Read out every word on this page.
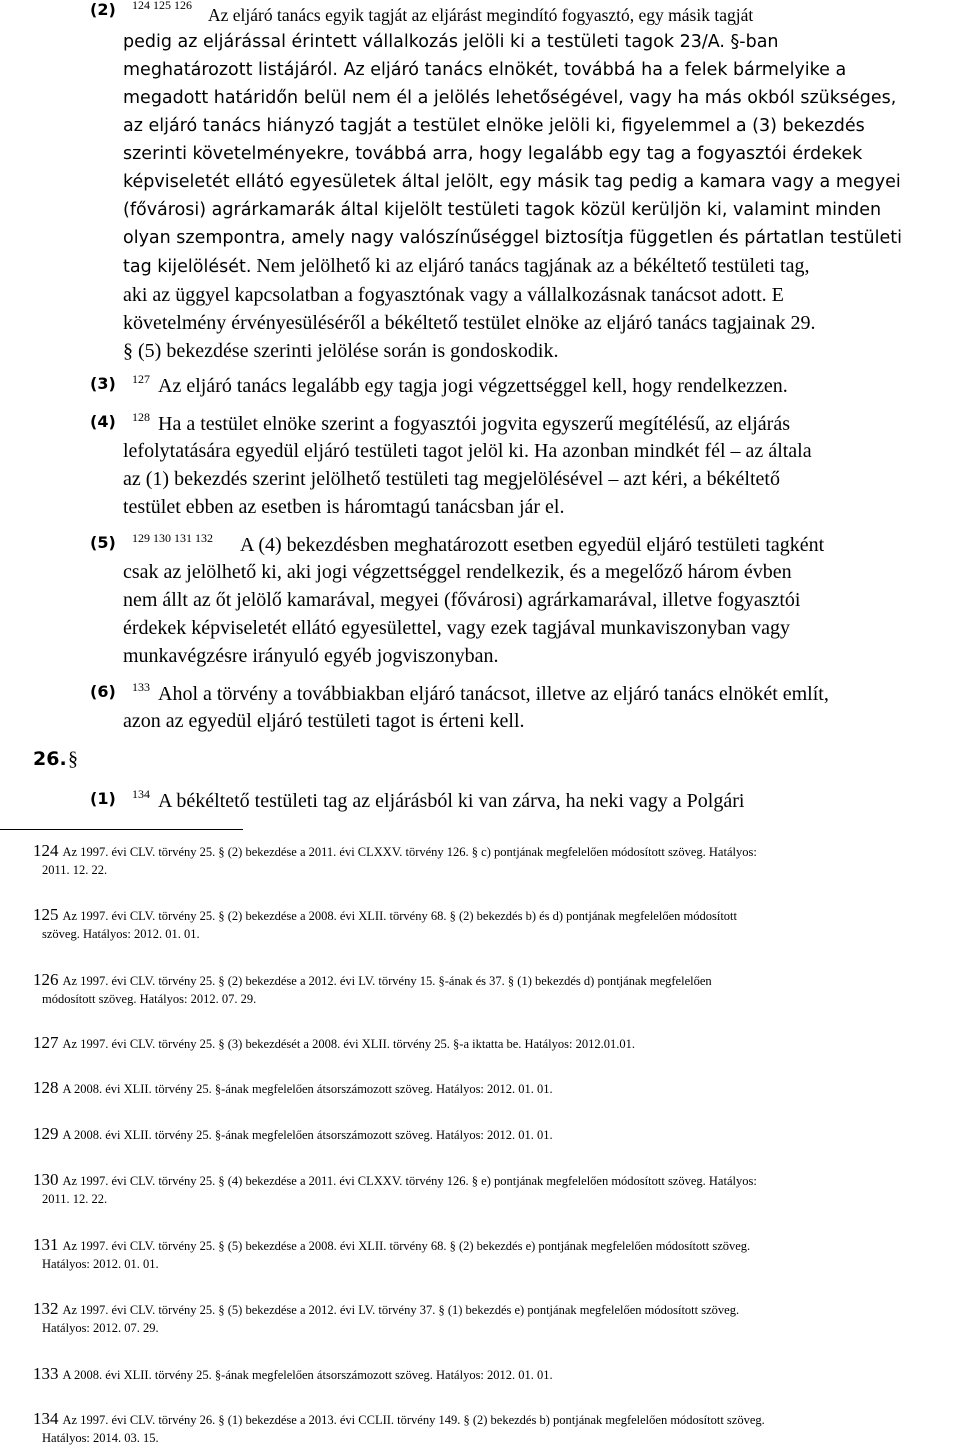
(2) 124 125 126 Az eljáró tanács egyik tagját az eljárást megindító fogyasztó, egy másik tagját
pedig az eljárással érintett vállalkozás jelöli ki a testületi tagok 23/A. §-ban
meghatározott listájáról. Az eljáró tanács elnökét, továbbá ha a felek bármelyike a
megadott határidőn belül nem él a jelölés lehetőségével, vagy ha más okból szükséges,
az eljáró tanács hiányzó tagját a testület elnöke jelöli ki, figyelemmel a (3) bekezdés
szerinti követelményekre, továbbá arra, hogy legalább egy tag a fogyasztói érdekek
képviseletét ellátó egyesületek által jelölt, egy másik tag pedig a kamara vagy a megyei
(fővárosi) agrárkamarák által kijelölt testületi tagok közül kerüljön ki, valamint minden
olyan szempontra, amely nagy valószínűséggel biztosítja független és pártatlan testületi
tag kijelölését. Nem jelölhető ki az eljáró tanács tagjának az a békéltető testületi tag,
aki az üggyel kapcsolatban a fogyasztónak vagy a vállalkozásnak tanácsot adott. E
követelmény érvényesüléséről a békéltető testület elnöke az eljáró tanács tagjainak 29.
§ (5) bekezdése szerinti jelölése során is gondoskodik.
(3) 127 Az eljáró tanács legalább egy tagja jogi végzettséggel kell, hogy rendelkezzen.
(4) 128 Ha a testület elnöke szerint a fogyasztói jogvita egyszerű megítélésű, az eljárás
lefolytatására egyedül eljáró testületi tagot jelöl ki. Ha azonban mindkét fél – az általa
az (1) bekezdés szerint jelölhető testületi tag megjelölésével – azt kéri, a békéltető
testület ebben az esetben is háromtagú tanácsban jár el.
(5) 129 130 131 132 A (4) bekezdésben meghatározott esetben egyedül eljáró testületi tagként
csak az jelölhető ki, aki jogi végzettséggel rendelkezik, és a megelőző három évben
nem állt az őt jelölő kamarával, megyei (fővárosi) agrárkamarával, illetve fogyasztói
érdekek képviseletét ellátó egyesülettel, vagy ezek tagjával munkaviszonyban vagy
munkavégzésre irányuló egyéb jogviszonyban.
(6) 133 Ahol a törvény a továbbiakban eljáró tanácsot, illetve az eljáró tanács elnökét említ,
azon az egyedül eljáró testületi tagot is érteni kell.
26. §
(1) 134 A békéltető testületi tag az eljárásból ki van zárva, ha neki vagy a Polgári
124 Az 1997. évi CLV. törvény 25. § (2) bekezdése a 2011. évi CLXXV. törvény 126. § c) pontjának megfelelően módosított szöveg. Hatályos:
2011. 12. 22.
125 Az 1997. évi CLV. törvény 25. § (2) bekezdése a 2008. évi XLII. törvény 68. § (2) bekezdés b) és d) pontjának megfelelően módosított
szöveg. Hatályos: 2012. 01. 01.
126 Az 1997. évi CLV. törvény 25. § (2) bekezdése a 2012. évi LV. törvény 15. §-ának és 37. § (1) bekezdés d) pontjának megfelelően
módosított szöveg. Hatályos: 2012. 07. 29.
127 Az 1997. évi CLV. törvény 25. § (3) bekezdését a 2008. évi XLII. törvény 25. §-a iktatta be. Hatályos: 2012.01.01.
128 A 2008. évi XLII. törvény 25. §-ának megfelelően átsorszámozott szöveg. Hatályos: 2012. 01. 01.
129 A 2008. évi XLII. törvény 25. §-ának megfelelően átsorszámozott szöveg. Hatályos: 2012. 01. 01.
130 Az 1997. évi CLV. törvény 25. § (4) bekezdése a 2011. évi CLXXV. törvény 126. § e) pontjának megfelelően módosított szöveg. Hatályos:
2011. 12. 22.
131 Az 1997. évi CLV. törvény 25. § (5) bekezdése a 2008. évi XLII. törvény 68. § (2) bekezdés e) pontjának megfelelően módosított szöveg.
Hatályos: 2012. 01. 01.
132 Az 1997. évi CLV. törvény 25. § (5) bekezdése a 2012. évi LV. törvény 37. § (1) bekezdés e) pontjának megfelelően módosított szöveg.
Hatályos: 2012. 07. 29.
133 A 2008. évi XLII. törvény 25. §-ának megfelelően átsorszámozott szöveg. Hatályos: 2012. 01. 01.
134 Az 1997. évi CLV. törvény 26. § (1) bekezdése a 2013. évi CCLII. törvény 149. § (2) bekezdés b) pontjának megfelelően módosított szöveg.
Hatályos: 2014. 03. 15.
